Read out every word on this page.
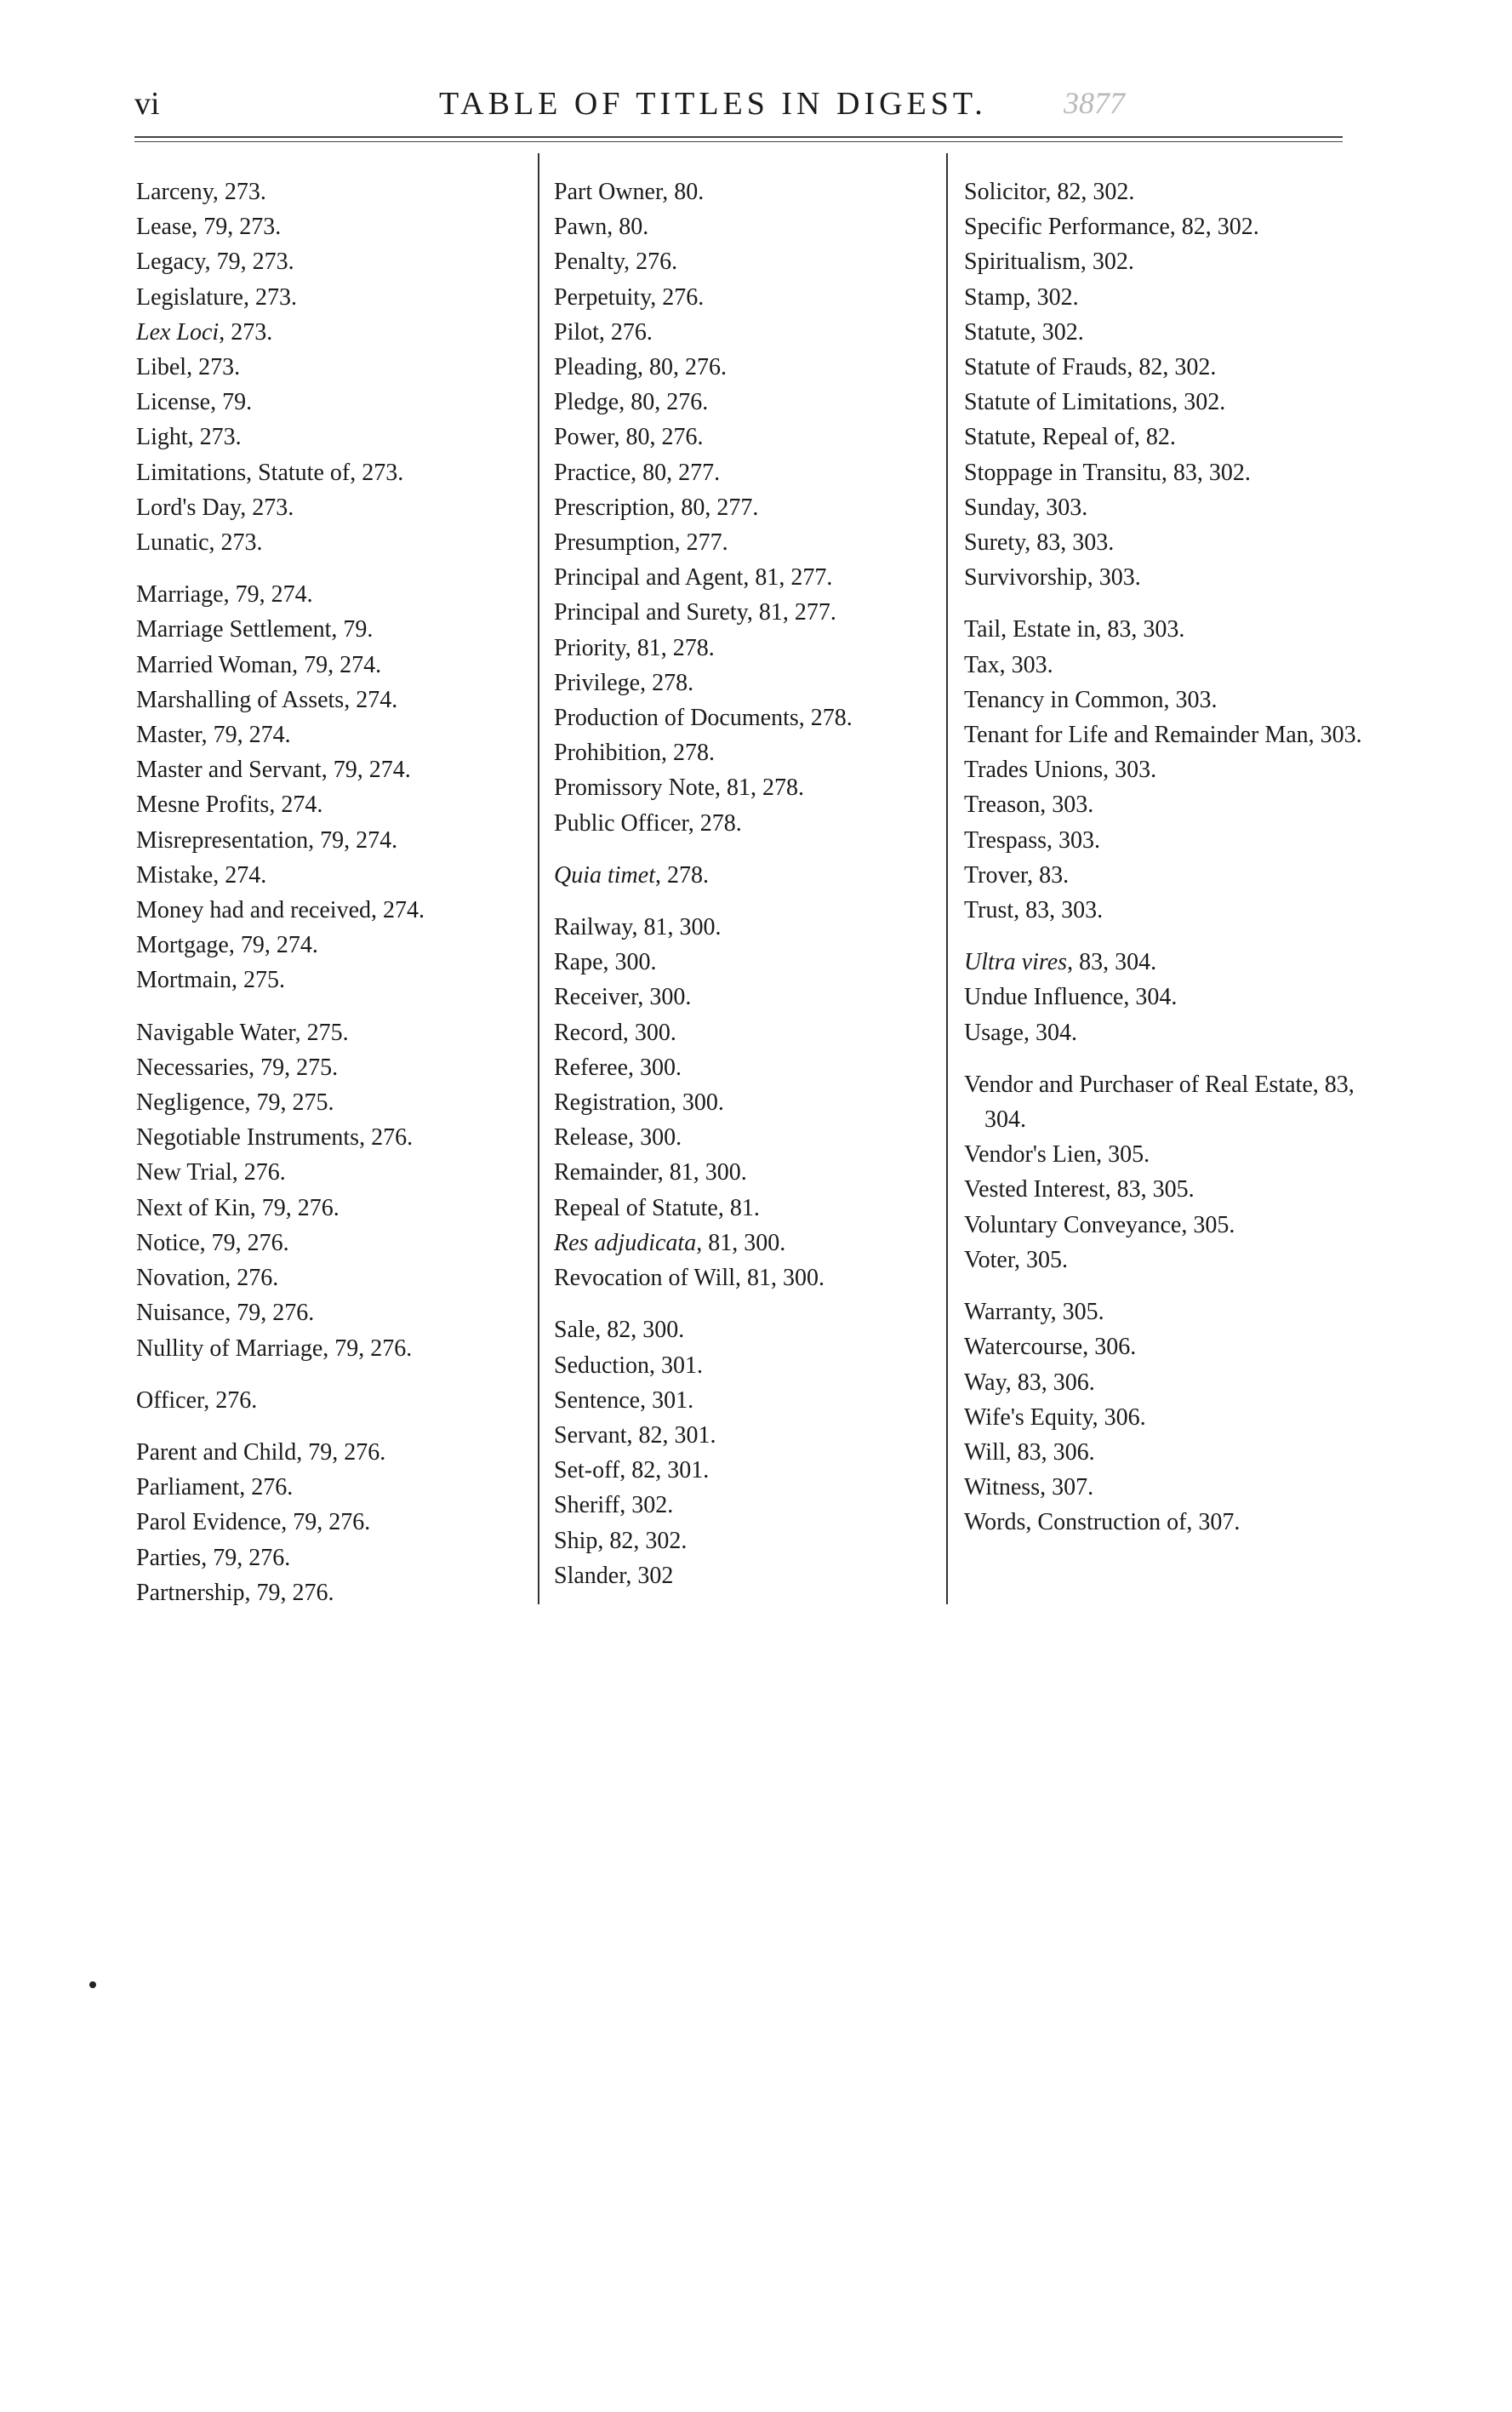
vi	TABLE OF TITLES IN DIGEST.	3877
Larceny, 273.
Lease, 79, 273.
Legacy, 79, 273.
Legislature, 273.
Lex Loci, 273.
Libel, 273.
License, 79.
Light, 273.
Limitations, Statute of, 273.
Lord's Day, 273.
Lunatic, 273.
Marriage, 79, 274.
Marriage Settlement, 79.
Married Woman, 79, 274.
Marshalling of Assets, 274.
Master, 79, 274.
Master and Servant, 79, 274.
Mesne Profits, 274.
Misrepresentation, 79, 274.
Mistake, 274.
Money had and received, 274.
Mortgage, 79, 274.
Mortmain, 275.
Navigable Water, 275.
Necessaries, 79, 275.
Negligence, 79, 275.
Negotiable Instruments, 276.
New Trial, 276.
Next of Kin, 79, 276.
Notice, 79, 276.
Novation, 276.
Nuisance, 79, 276.
Nullity of Marriage, 79, 276.
Officer, 276.
Parent and Child, 79, 276.
Parliament, 276.
Parol Evidence, 79, 276.
Parties, 79, 276.
Partnership, 79, 276.
Part Owner, 80.
Pawn, 80.
Penalty, 276.
Perpetuity, 276.
Pilot, 276.
Pleading, 80, 276.
Pledge, 80, 276.
Power, 80, 276.
Practice, 80, 277.
Prescription, 80, 277.
Presumption, 277.
Principal and Agent, 81, 277.
Principal and Surety, 81, 277.
Priority, 81, 278.
Privilege, 278.
Production of Documents, 278.
Prohibition, 278.
Promissory Note, 81, 278.
Public Officer, 278.
Quia timet, 278.
Railway, 81, 300.
Rape, 300.
Receiver, 300.
Record, 300.
Referee, 300.
Registration, 300.
Release, 300.
Remainder, 81, 300.
Repeal of Statute, 81.
Res adjudicata, 81, 300.
Revocation of Will, 81, 300.
Sale, 82, 300.
Seduction, 301.
Sentence, 301.
Servant, 82, 301.
Set-off, 82, 301.
Sheriff, 302.
Ship, 82, 302.
Slander, 302
Solicitor, 82, 302.
Specific Performance, 82, 302.
Spiritualism, 302.
Stamp, 302.
Statute, 302.
Statute of Frauds, 82, 302.
Statute of Limitations, 302.
Statute, Repeal of, 82.
Stoppage in Transitu, 83, 302.
Sunday, 303.
Surety, 83, 303.
Survivorship, 303.
Tail, Estate in, 83, 303.
Tax, 303.
Tenancy in Common, 303.
Tenant for Life and Remainder Man, 303.
Trades Unions, 303.
Treason, 303.
Trespass, 303.
Trover, 83.
Trust, 83, 303.
Ultra vires, 83, 304.
Undue Influence, 304.
Usage, 304.
Vendor and Purchaser of Real Estate, 83, 304.
Vendor's Lien, 305.
Vested Interest, 83, 305.
Voluntary Conveyance, 305.
Voter, 305.
Warranty, 305.
Watercourse, 306.
Way, 83, 306.
Wife's Equity, 306.
Will, 83, 306.
Witness, 307.
Words, Construction of, 307.
